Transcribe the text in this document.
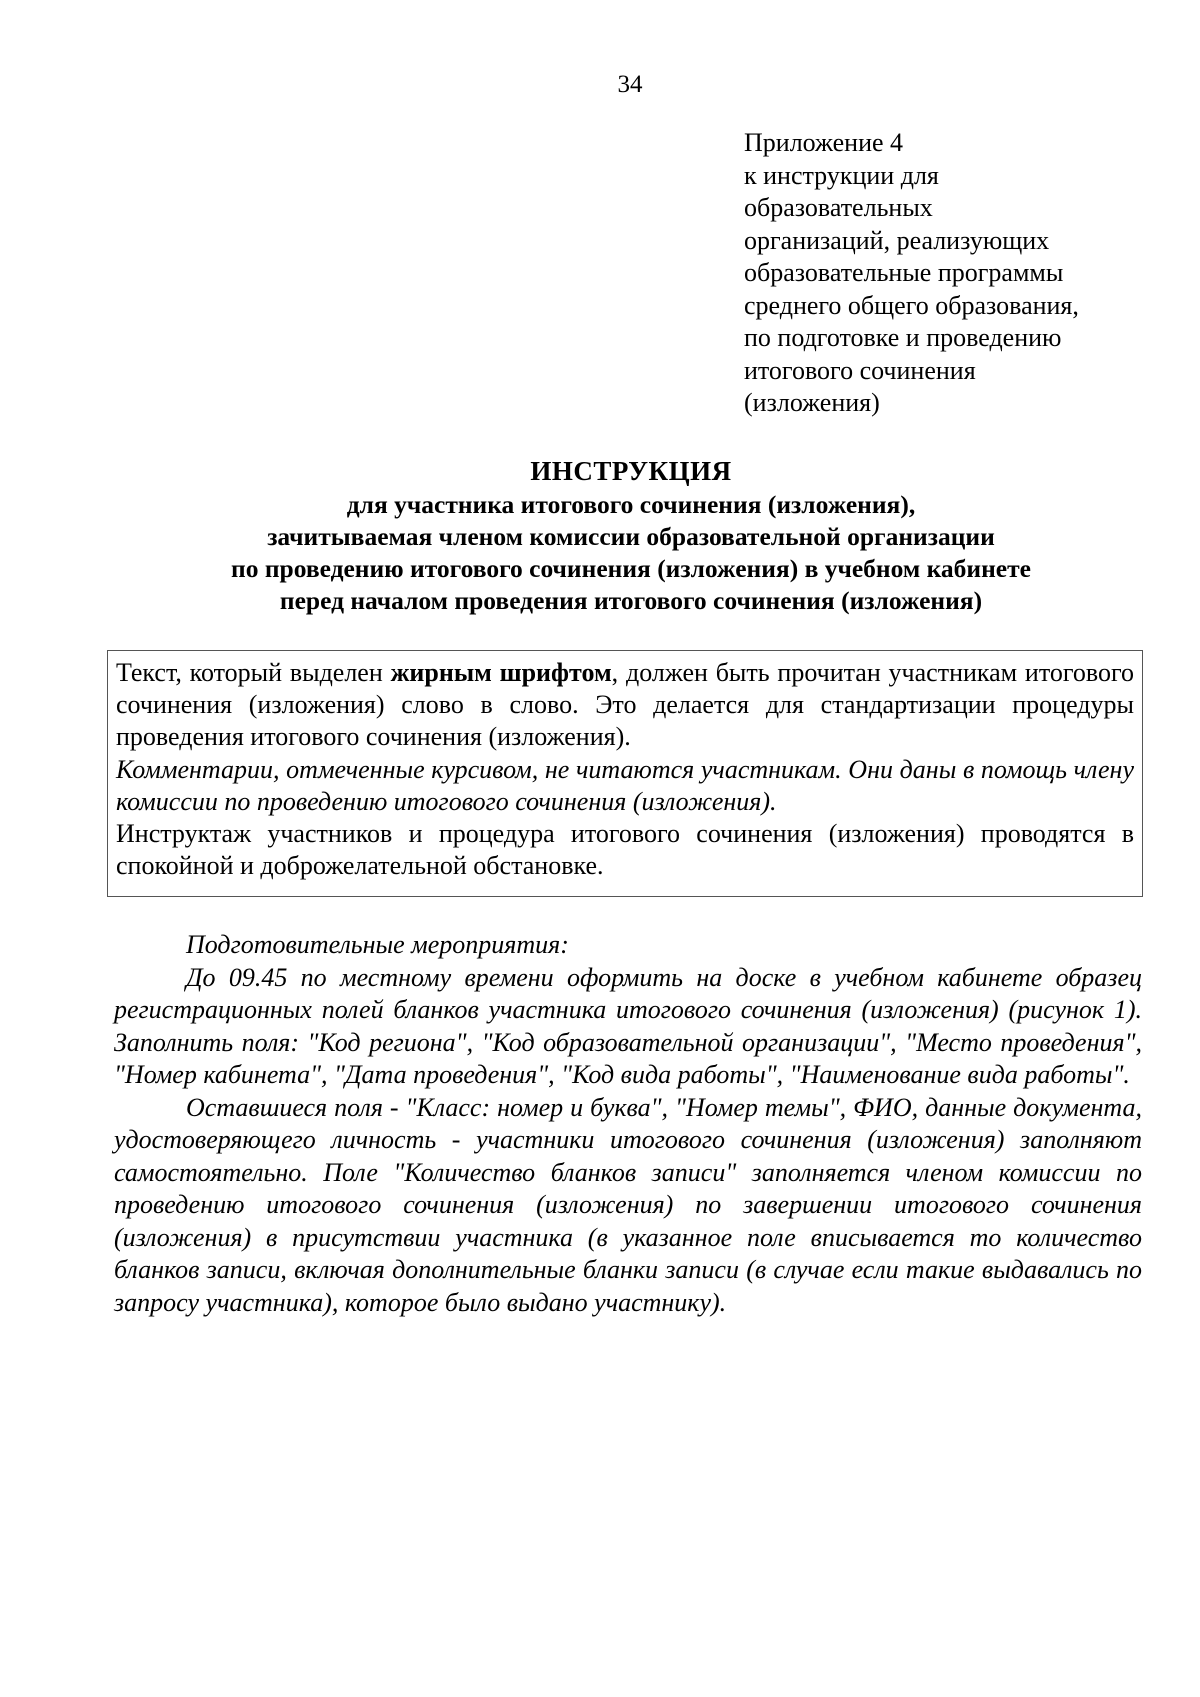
34
Приложение 4
к инструкции для
образовательных
организаций, реализующих
образовательные программы
среднего общего образования,
по подготовке и проведению
итогового сочинения
(изложения)
ИНСТРУКЦИЯ
для участника итогового сочинения (изложения),
зачитываемая членом комиссии образовательной организации
по проведению итогового сочинения (изложения) в учебном кабинете
перед началом проведения итогового сочинения (изложения)

Текст, который выделен жирным шрифтом, должен быть прочитан участникам итогового сочинения (изложения) слово в слово. Это делается для стандартизации процедуры проведения итогового сочинения (изложения).

Комментарии, отмеченные курсивом, не читаются участникам. Они даны в помощь члену комиссии по проведению итогового сочинения (изложения).

Инструктаж участников и процедура итогового сочинения (изложения) проводятся в спокойной и доброжелательной обстановке.

Подготовительные мероприятия:

До 09.45 по местному времени оформить на доске в учебном кабинете образец регистрационных полей бланков участника итогового сочинения (изложения) (рисунок 1). Заполнить поля: "Код региона", "Код образовательной организации", "Место проведения", "Номер кабинета", "Дата проведения", "Код вида работы", "Наименование вида работы".

Оставшиеся поля - "Класс: номер и буква", "Номер темы", ФИО, данные документа, удостоверяющего личность - участники итогового сочинения (изложения) заполняют самостоятельно. Поле "Количество бланков записи" заполняется членом комиссии по проведению итогового сочинения (изложения) по завершении итогового сочинения (изложения) в присутствии участника (в указанное поле вписывается то количество бланков записи, включая дополнительные бланки записи (в случае если такие выдавались по запросу участника), которое было выдано участнику).
